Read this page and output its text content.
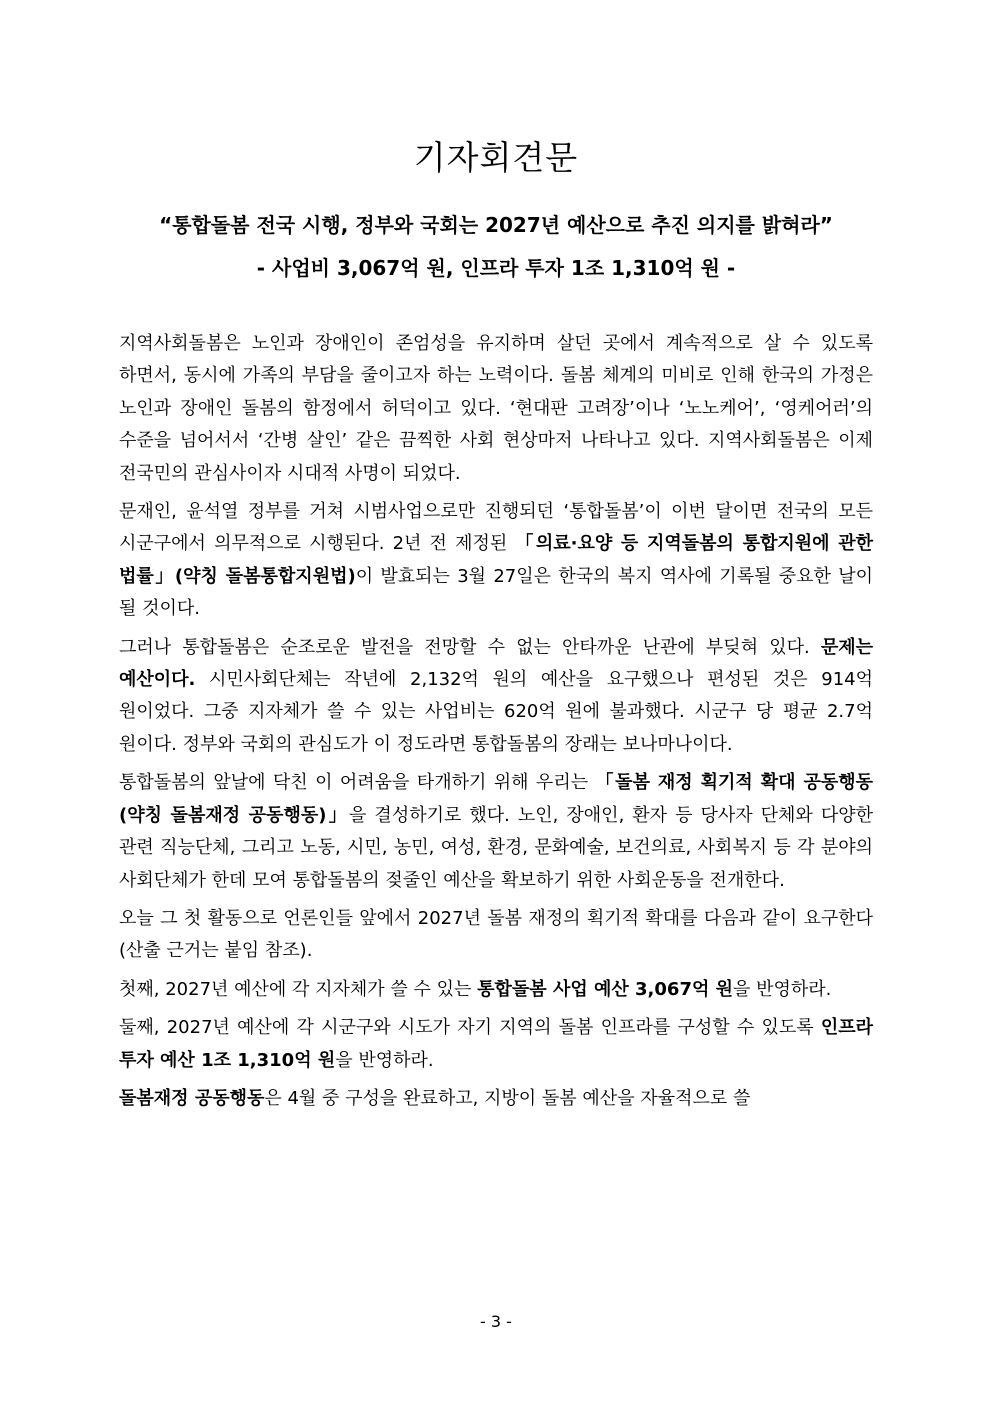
기자회견문

“통합돌봄 전국 시행, 정부와 국회는 2027년 예산으로 추진 의지를 밝혀라”

- 사업비 3,067억 원, 인프라 투자 1조 1,310억 원 -

지역사회돌봄은 노인과 장애인이 존엄성을 유지하며 살던 곳에서 계속적으로 살 수 있도록 하면서, 동시에 가족의 부담을 줄이고자 하는 노력이다. 돌봄 체계의 미비로 인해 한국의 가정은 노인과 장애인 돌봄의 함정에서 허덕이고 있다. ‘현대판 고려장’이나 ‘노노케어’, ‘영케어러’의 수준을 넘어서서 ‘간병 살인’ 같은 끔찍한 사회 현상마저 나타나고 있다. 지역사회돌봄은 이제 전국민의 관심사이자 시대적 사명이 되었다.

문재인, 윤석열 정부를 거쳐 시범사업으로만 진행되던 ‘통합돌봄’이 이번 달이면 전국의 모든 시군구에서 의무적으로 시행된다. 2년 전 제정된 「의료·요양 등 지역돌봄의 통합지원에 관한 법률」(약칭 돌봄통합지원법)이 발효되는 3월 27일은 한국의 복지 역사에 기록될 중요한 날이 될 것이다.

그러나 통합돌봄은 순조로운 발전을 전망할 수 없는 안타까운 난관에 부딪혀 있다. 문제는 예산이다. 시민사회단체는 작년에 2,132억 원의 예산을 요구했으나 편성된 것은 914억 원이었다. 그중 지자체가 쓸 수 있는 사업비는 620억 원에 불과했다. 시군구 당 평균 2.7억 원이다. 정부와 국회의 관심도가 이 정도라면 통합돌봄의 장래는 보나마나이다.

통합돌봄의 앞날에 닥친 이 어려움을 타개하기 위해 우리는 「돌봄 재정 획기적 확대 공동행동(약칭 돌봄재정 공동행동)」을 결성하기로 했다. 노인, 장애인, 환자 등 당사자 단체와 다양한 관련 직능단체, 그리고 노동, 시민, 농민, 여성, 환경, 문화예술, 보건의료, 사회복지 등 각 분야의 사회단체가 한데 모여 통합돌봄의 젖줄인 예산을 확보하기 위한 사회운동을 전개한다.

오늘 그 첫 활동으로 언론인들 앞에서 2027년 돌봄 재정의 획기적 확대를 다음과 같이 요구한다(산출 근거는 붙임 참조).

첫째, 2027년 예산에 각 지자체가 쓸 수 있는 통합돌봄 사업 예산 3,067억 원을 반영하라.

둘째, 2027년 예산에 각 시군구와 시도가 자기 지역의 돌봄 인프라를 구성할 수 있도록 인프라 투자 예산 1조 1,310억 원을 반영하라.

돌봄재정 공동행동은 4월 중 구성을 완료하고, 지방이 돌봄 예산을 자율적으로 쓸

- 3 -
